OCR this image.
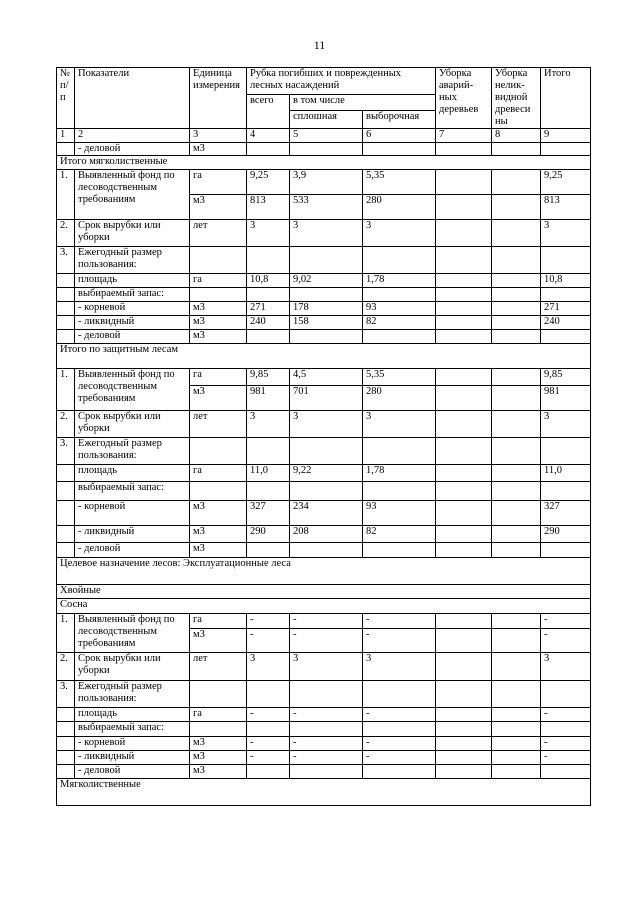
11
№ п/ п	Показатели	Единица измерения	Рубка погибших и поврежденных лесных насаждений			Уборка аварий-ных деревьев	Уборка нелик-видной древеси ны	Итого
			всего	в том числе				
				сплошная	выборочная			
1	2	3	4	5	6	7	8	9
	- деловой	м3						
Итого мягколиственные								
1.	Выявленный фонд по лесоводственным требованиям	га	9,25	3,9	5,35			9,25
		м3	813	533	280			813
2.	Срок вырубки или уборки	лет	3	3	3			3
3.	Ежегодный размер пользования:							
	площадь	га	10,8	9,02	1,78			10,8
	выбираемый запас:							
	- корневой	м3	271	178	93			271
	- ликвидный	м3	240	158	82			240
	- деловой	м3						
Итого по защитным лесам								
1.	Выявленный фонд по лесоводственным требованиям	га	9,85	4,5	5,35			9,85
		м3	981	701	280			981
2.	Срок вырубки или уборки	лет	3	3	3			3
3.	Ежегодный размер пользования:							
	площадь	га	11,0	9,22	1,78			11,0
	выбираемый запас:							
	- корневой	м3	327	234	93			327
	- ликвидный	м3	290	208	82			290
	- деловой	м3						
Целевое назначение лесов: Эксплуатационные леса								
Хвойные								
Сосна								
1.	Выявленный фонд по лесоводственным требованиям	га	-	-	-			-
		м3	-	-	-			-
2.	Срок вырубки или уборки	лет	3	3	3			3
3.	Ежегодный размер пользования:							
	площадь	га	-	-	-			-
	выбираемый запас:							
	- корневой	м3	-	-	-			-
	- ликвидный	м3	-	-	-			-
	- деловой	м3						
Мягколиственные								
